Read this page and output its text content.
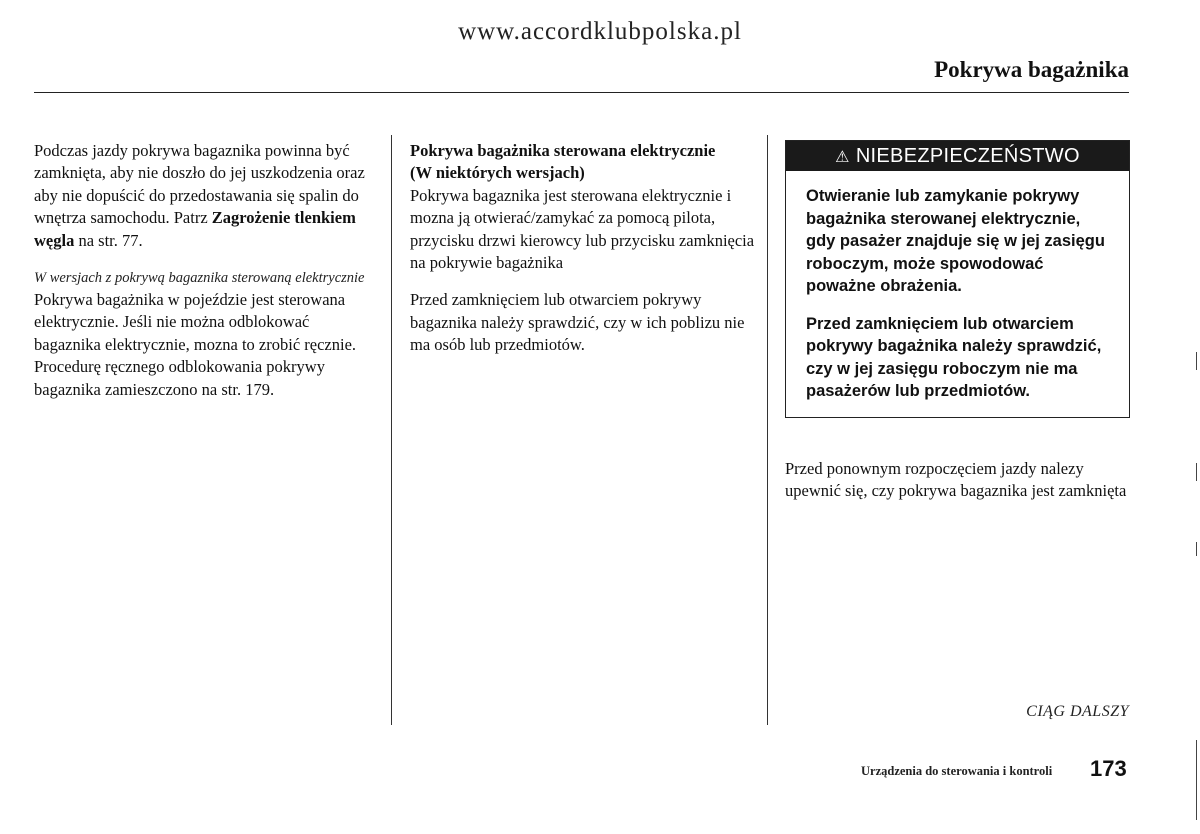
www.accordklubpolska.pl
Pokrywa bagażnika

Podczas jazdy pokrywa bagaznika powinna być zamknięta, aby nie doszło do jej uszkodzenia oraz aby nie dopuścić do przedostawania się spalin do wnętrza samochodu. Patrz Zagrożenie tlenkiem węgla na str. 77.

W wersjach z pokrywą bagaznika sterowaną elektrycznie

Pokrywa bagażnika w pojeździe jest sterowana elektrycznie. Jeśli nie można odblokować bagaznika elektrycznie, mozna to zrobić ręcznie. Procedurę ręcznego odblokowania pokrywy bagaznika zamieszczono na str. 179.

Pokrywa bagażnika sterowana elektrycznie
(W niektórych wersjach)

Pokrywa bagaznika jest sterowana elektrycznie i mozna ją otwierać/zamykać za pomocą pilota, przycisku drzwi kierowcy lub przycisku zamknięcia na pokrywie bagażnika

Przed zamknięciem lub otwarciem pokrywy bagaznika należy sprawdzić, czy w ich poblizu nie ma osób lub przedmiotów.

⚠ NIEBEZPIECZEŃSTWO

Otwieranie lub zamykanie pokrywy bagażnika sterowanej elektrycznie, gdy pasażer znajduje się w jej zasięgu roboczym, może spowodować poważne obrażenia.

Przed zamknięciem lub otwarciem pokrywy bagażnika należy sprawdzić, czy w jej zasięgu roboczym nie ma pasażerów lub przedmiotów.

Przed ponownym rozpoczęciem jazdy nalezy upewnić się, czy pokrywa bagaznika jest zamknięta

CIĄG DALSZY
Urządzenia do sterowania i kontroli 173
